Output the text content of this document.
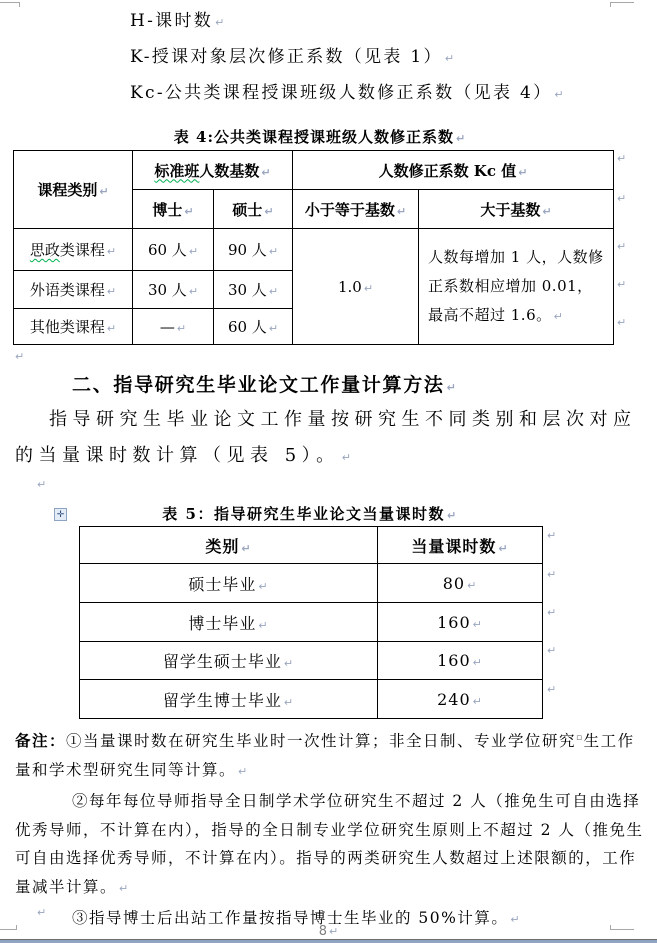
H-课时数 ↵
K-授课对象层次修正系数（见表 1） ↵
Kc-公共类课程授课班级人数修正系数（见表 4） ↵
表 4:公共类课程授课班级人数修正系数 ↵
课程类别 ↵	标准班人数基数 ↵		人数修正系数 Kc 值 ↵	
	博士 ↵	硕士 ↵	小于等于基数 ↵	大于基数 ↵
思政类课程 ↵	60 人 ↵	90 人 ↵	1.0 ↵	人数每增加 1 人，人数修正系数相应增加 0.01，最高不超过 1.6。 ↵
外语类课程 ↵	30 人 ↵	30 人 ↵		
其他类课程 ↵	— ↵	60 人 ↵		
↵
↵
↵
↵
↵
↵
二、指导研究生毕业论文工作量计算方法 ↵
指导研究生毕业论文工作量按研究生不同类别和层次对应的当量课时数计算（见表 5）。 ↵
↵
表 5：指导研究生毕业论文当量课时数 ↵
✛
类别 ↵	当量课时数 ↵
硕士毕业 ↵	80 ↵
博士毕业 ↵	160 ↵
留学生硕士毕业 ↵	160 ↵
留学生博士毕业 ↵	240 ↵
↵
↵
↵
↵
↵

备注：①当量课时数在研究生毕业时一次性计算；非全日制、专业学位研究▫生工作量和学术型研究生同等计算。 ↵

②每年每位导师指导全日制学术学位研究生不超过 2 人（推免生可自由选择优秀导师，不计算在内），指导的全日制专业学位研究生原则上不超过 2 人（推免生可自由选择优秀导师，不计算在内）。指导的两类研究生人数超过上述限额的，工作量减半计算。 ↵

③指导博士后出站工作量按指导博士生毕业的 50%计算。 ↵

↵
8 ↵
